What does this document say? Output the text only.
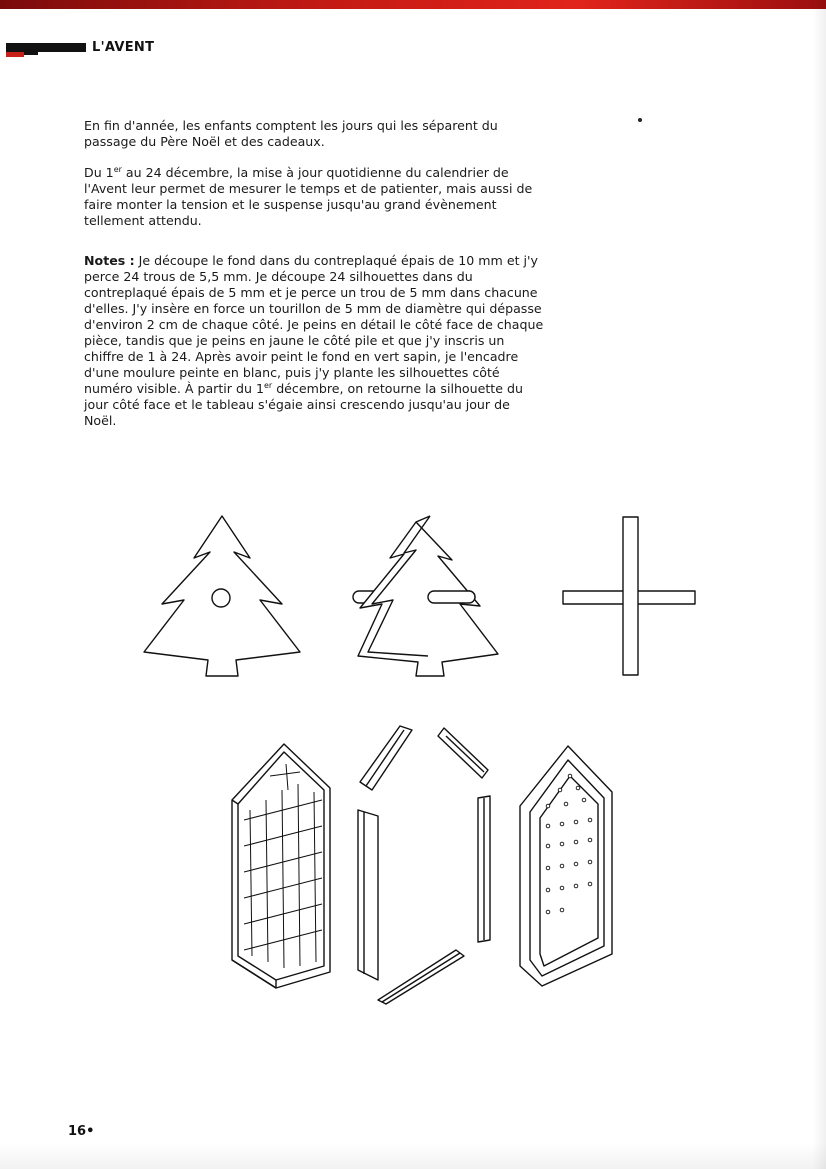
L'AVENT
En fin d'année, les enfants comptent les jours qui les séparent du passage du Père Noël et des cadeaux.
Du 1er au 24 décembre, la mise à jour quotidienne du calendrier de l'Avent leur permet de mesurer le temps et de patienter, mais aussi de faire monter la tension et le suspense jusqu'au grand évènement tellement attendu.
Notes : Je découpe le fond dans du contreplaqué épais de 10 mm et j'y perce 24 trous de 5,5 mm. Je découpe 24 silhouettes dans du contreplaqué épais de 5 mm et je perce un trou de 5 mm dans chacune d'elles. J'y insère en force un tourillon de 5 mm de diamètre qui dépasse d'environ 2 cm de chaque côté. Je peins en détail le côté face de chaque pièce, tandis que je peins en jaune le côté pile et que j'y inscris un chiffre de 1 à 24. Après avoir peint le fond en vert sapin, je l'encadre d'une moulure peinte en blanc, puis j'y plante les silhouettes côté numéro visible. À partir du 1er décembre, on retourne la silhouette du jour côté face et le tableau s'égaie ainsi crescendo jusqu'au jour de Noël.
16•
